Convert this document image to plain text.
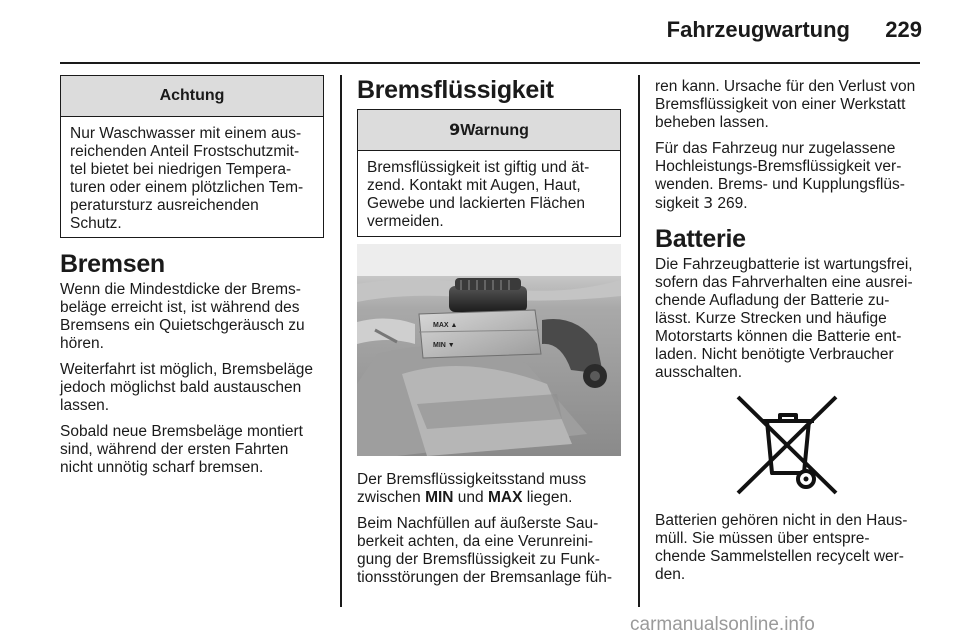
Fahrzeugwartung	229
Achtung
Nur Waschwasser mit einem aus-
reichenden Anteil Frostschutzmit-
tel bietet bei niedrigen Tempera-
turen oder einem plötzlichen Tem-
peratursturz ausreichenden
Schutz.
Bremsen
Wenn die Mindestdicke der Brems-
beläge erreicht ist, ist während des
Bremsens ein Quietschgeräusch zu
hören.
Weiterfahrt ist möglich, Bremsbeläge
jedoch möglichst bald austauschen
lassen.
Sobald neue Bremsbeläge montiert
sind, während der ersten Fahrten
nicht unnötig scharf bremsen.
Bremsflüssigkeit
9Warnung
Bremsflüssigkeit ist giftig und ät-
zend. Kontakt mit Augen, Haut,
Gewebe und lackierten Flächen
vermeiden.
MAX ▲
MIN ▼
Der Bremsflüssigkeitsstand muss
zwischen MIN und MAX liegen.
Beim Nachfüllen auf äußerste Sau-
berkeit achten, da eine Verunreini-
gung der Bremsflüssigkeit zu Funk-
tionsstörungen der Bremsanlage füh-
ren kann. Ursache für den Verlust von
Bremsflüssigkeit von einer Werkstatt
beheben lassen.
Für das Fahrzeug nur zugelassene
Hochleistungs-Bremsflüssigkeit ver-
wenden. Brems- und Kupplungsflüs-
sigkeit 3 269.
Batterie
Die Fahrzeugbatterie ist wartungsfrei,
sofern das Fahrverhalten eine ausrei-
chende Aufladung der Batterie zu-
lässt. Kurze Strecken und häufige
Motorstarts können die Batterie ent-
laden. Nicht benötigte Verbraucher
ausschalten.
Batterien gehören nicht in den Haus-
müll. Sie müssen über entspre-
chende Sammelstellen recycelt wer-
den.
carmanualsonline.info
